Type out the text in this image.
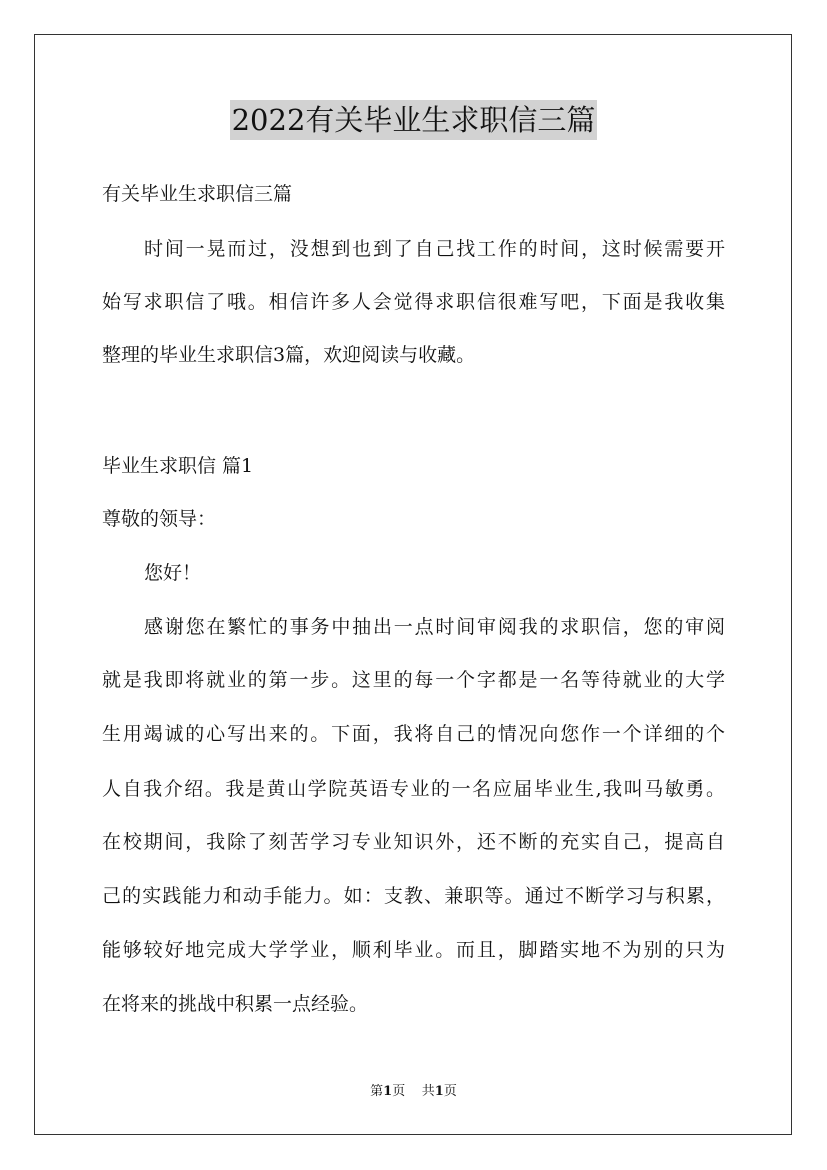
2022有关毕业生求职信三篇
有关毕业生求职信三篇
时间一晃而过，没想到也到了自己找工作的时间，这时候需要开
始写求职信了哦。相信许多人会觉得求职信很难写吧，下面是我收集
整理的毕业生求职信3篇，欢迎阅读与收藏。
毕业生求职信 篇1
尊敬的领导：
您好！
感谢您在繁忙的事务中抽出一点时间审阅我的求职信，您的审阅
就是我即将就业的第一步。这里的每一个字都是一名等待就业的大学
生用竭诚的心写出来的。下面，我将自己的情况向您作一个详细的个
人自我介绍。我是黄山学院英语专业的一名应届毕业生,我叫马敏勇。
在校期间，我除了刻苦学习专业知识外，还不断的充实自己，提高自
己的实践能力和动手能力。如：支教、兼职等。通过不断学习与积累，
能够较好地完成大学学业，顺利毕业。而且，脚踏实地不为别的只为
在将来的挑战中积累一点经验。
第1页 共1页
